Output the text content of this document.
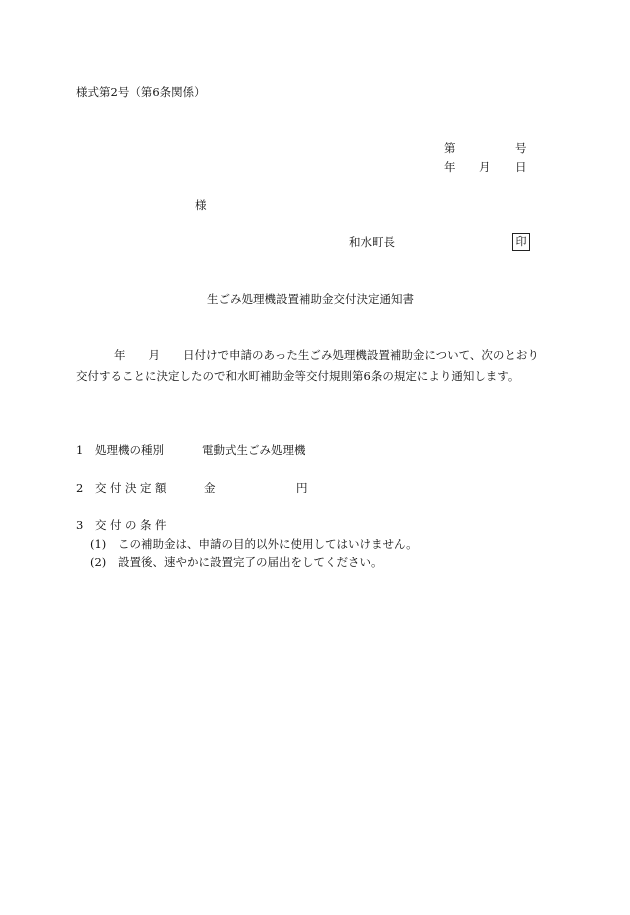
様式第2号（第6条関係）
第	号
年 月 日
様
和水町長	印
生ごみ処理機設置補助金交付決定通知書
年　　月　　日付けで申請のあった生ごみ処理機設置補助金について、次のとおり
交付することに決定したので和水町補助金等交付規則第6条の規定により通知します。
1 処理機の種別	電動式生ごみ処理機
2 交付決定額	金	円
3 交付の条件
(1) この補助金は、申請の目的以外に使用してはいけません。
(2) 設置後、速やかに設置完了の届出をしてください。
